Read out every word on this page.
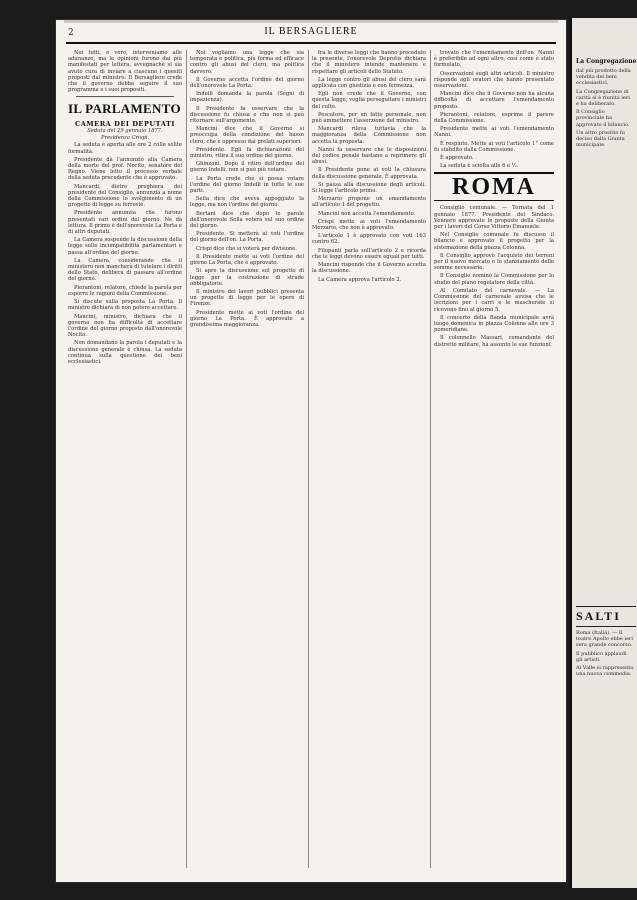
2	IL BERSAGLIERE

Noi tutti, è vero, interveniamo alle adunanze, ma le opinioni furono dai più manifestati per lettera, avvegnachè si sia avuto cura di inviare a ciascuno i quesiti proposti dal ministro. Il Bersagliere crede che il governo debba seguire il suo programma e i suoi propositi.

IL PARLAMENTO
CAMERA DEI DEPUTATI
Seduta del 29 gennaio 1877.
Presidenza Crispi.

La seduta è aperta alle ore 2 colle solite formalità.

Presidente dà l'annunzio alla Camera della morte del prof. Nocito, senatore del Regno. Viene letto il processo verbale della seduta precedente che è approvato.

Mancardi, dietro preghiera dei presidente del Consiglio, annunzia a nome della Commissione lo svolgimento di un progetto di legge su ferrovie.

Presidente annunzia che furono presentati vari ordini del giorno. Ne dà lettura. Il primo è dell'onorevole La Porta e di altri deputati.

La Camera sospende la discussione della legge sulle incompatibilità parlamentari e passa all'ordine del giorno.

La Camera, considerando che il ministero non mancherà di tutelare i diritti dello Stato, delibera di passare all'ordine del giorno.

Pierantoni, relatore, chiede la parola per esporre le ragioni della Commissione.

Si discute sulla proposta La Porta. Il ministro dichiara di non potere accettare.

Mancini, ministro, dichiara che il governo non ha difficoltà di accettare l'ordine del giorno proposto dall'onorevole Nocito.

Non domandano la parola i deputati e la discussione generale è chiusa. La seduta continua sulla questione dei beni ecclesiastici.

Noi vogliamo una legge che sia temperata e politica, più forma ed efficace contro gli abusi del clero, ma politica davvero.

Il Governo accetta l'ordine del giorno dell'onorevole La Porta.

Indelli domanda la parola (Segni di impazienza).

Il Presidente fa osservare che la discussione fu chiusa e che non si può ritornare sull'argomento.

Mancini dice che il Governo si preoccupa della condizione del basso clero, che è oppresso dai prelati superiori.

Presidente. Egli fa dichiarazioni del ministro, ritira il suo ordine del giorno.

Ghinzoni. Dopo il ritiro dell'ordine del giorno Indelli, non si può più votare.

La Porta crede che si possa votare l'ordine del giorno Indelli in tutte le sue parti.

Seila dice che aveva appoggiato la legge, ma non l'ordine del giorno.

Bertani dice che dopo le parole dell'onorevole Sella voterà sul suo ordine del giorno.

Presidente. Si metterà ai voti l'ordine del giorno dell'on. La Porta.

Crispi dice che si voterà per divisione.

Il Presidente mette ai voti l'ordine del giorno La Porta, che è approvato.

Si apre la discussione sul progetto di legge per la costruzione di strade obbligatorie.

Il ministro dei lavori pubblici presenta un progetto di legge per le opere di Firenze.

Presidente mette ai voti l'ordine del giorno La Porta. È approvato a grandissima maggioranza.

fra le diverse leggi che hanno preceduto la presente, l'onorevole Depretis dichiara che il ministero intende mantenere e rispettare gli articoli dello Statuto.

La legge contro gli abusi del clero sarà applicata con giustizia e con fermezza.

Egli non crede che il Governo, con questa legge, voglia perseguitare i ministri del culto.

Pescatore, per un fatto personale, non può ammettere l'asserzione del ministro.

Mancardi rileva tuttavia che la maggioranza della Commissione non accetta la proposta.

Nanni fa osservare che le disposizioni del codice penale bastano a reprimere gli abusi.

Il Presidente pone ai voti la chiusura della discussione generale. È approvata.

Si passa alla discussione degli articoli. Si legge l'articolo primo.

Merzario propone un emendamento all'articolo 1 del progetto.

Mancini non accetta l'emendamento.

Crispi mette ai voti l'emendamento Merzario, che non è approvato.

L'articolo 1 è approvato con voti 163 contro 62.

Filopanti parla sull'articolo 2 e ricorda che le leggi devono essere eguali per tutti.

Mancini risponde che il Governo accetta la discussione.

La Camera approva l'articolo 2.

trovato che l'emendamento dell'on. Nanni è preferibile ad ogni altro, così come è stato formulato.

Osservazioni sugli altri articoli. Il ministro risponde agli oratori che hanno presentato osservazioni.

Mancini dice che il Governo non ha alcuna difficoltà di accettare l'emendamento proposto.

Pierantoni, relatore, esprime il parere della Commissione.

Presidente mette ai voti l'emendamento Nanni.

È respinto. Mette ai voti l'articolo 1° come fu stabilito dalla Commissione.

È approvato.

La seduta è sciolta alle 6 e ½.

ROMA

Consiglio comunale. — Tornata del 1 gennaio 1877. Presidente del Sindaco. Vennero approvate le proposte della Giunta per i lavori del Corso Vittorio Emanuele.

Nel Consiglio comunale fu discusso il bilancio e approvato il progetto per la sistemazione della piazza Colonna.

Il Consiglio approvò l'acquisto dei terreni per il nuovo mercato e lo stanziamento delle somme necessarie.

Il Consiglio nominò la Commissione per lo studio del piano regolatore della città.

Al Comitato del carnevale. — La Commissione del carnevale avvisa che le iscrizioni per i carri e le mascherate si ricevono fino al giorno 5.

Il concerto della Banda municipale avrà luogo domenica in piazza Colonna alle ore 3 pomeridiane.

Il colonnello Massari, comandante del distretto militare, ha assunto le sue funzioni.

La Congregazione

dal più prodotto della vendita dei beni ecclesiastici.

La Congregazione di carità si è riunita ieri e ha deliberato.

Il Consiglio provinciale ha approvato il bilancio.

Un altro prestito fu deciso dalla Giunta municipale.

SALTI

Roma (Italia). — Il teatro Apollo ebbe ieri sera grande concorso.

Il pubblico applaudì gli artisti.

Al Valle si rappresenta una nuova commedia.
